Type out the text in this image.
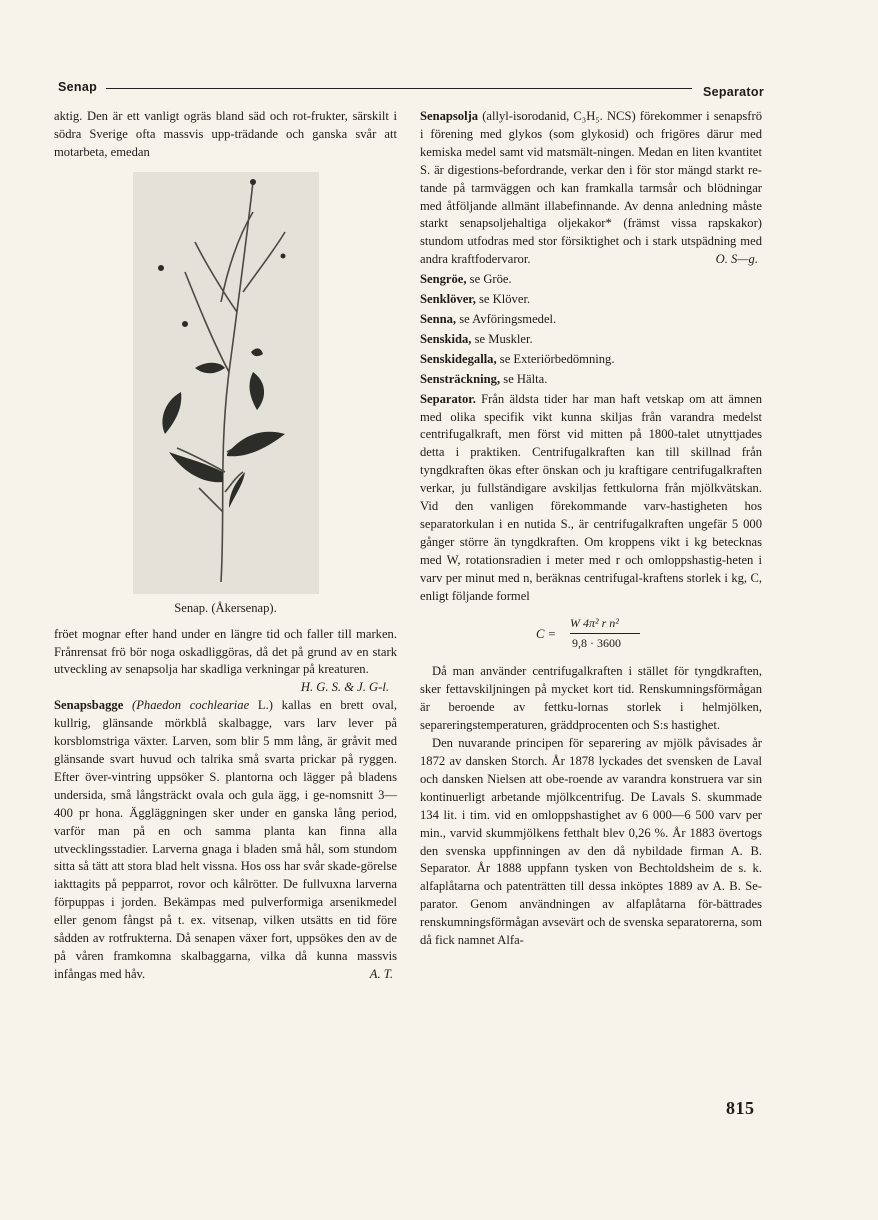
Senap	Separator

aktig. Den är ett vanligt ogräs bland säd och rot-frukter, särskilt i södra Sverige ofta massvis upp-trädande och ganska svår att motarbeta, emedan

Senap. (Åkersenap).

fröet mognar efter hand under en längre tid och faller till marken. Frånrensat frö bör noga oskadliggöras, då det på grund av en stark utveckling av senapsolja har skadliga verkningar på kreaturen.

H. G. S. & J. G-l.

Senapsbagge (Phaedon cochleariae L.) kallas en brett oval, kullrig, glänsande mörkblå skalbagge, vars larv lever på korsblomstriga växter. Larven, som blir 5 mm lång, är gråvit med glänsande svart huvud och talrika små svarta prickar på ryggen. Efter över-vintring uppsöker S. plantorna och lägger på bladens undersida, små långsträckt ovala och gula ägg, i ge-nomsnitt 3—400 pr hona. Äggläggningen sker under en ganska lång period, varför man på en och samma planta kan finna alla utvecklingsstadier. Larverna gnaga i bladen små hål, som stundom sitta så tätt att stora blad helt vissna. Hos oss har svår skade-görelse iakttagits på pepparrot, rovor och kålrötter. De fullvuxna larverna förpuppas i jorden. Bekämpas med pulverformiga arsenikmedel eller genom fångst på t. ex. vitsenap, vilken utsätts en tid före sådden av rotfrukterna. Då senapen växer fort, uppsökes den av de på våren framkomna skalbaggarna, vilka då kunna massvis infångas med håv.	A. T.

Senapsolja (allyl-isorodanid, C₃H₅. NCS) förekommer i senapsfrö i förening med glykos (som glykosid) och frigöres därur med kemiska medel samt vid matsmält-ningen. Medan en liten kvantitet S. är digestions-befordrande, verkar den i för stor mängd starkt re-tande på tarmväggen och kan framkalla tarmsår och blödningar med åtföljande allmänt illabefinnande. Av denna anledning måste starkt senapsoljehaltiga oljekakor* (främst vissa rapskakor) stundom utfodras med stor försiktighet och i stark utspädning med andra kraftfodervaror.	O. S—g.

Sengröe, se Gröe.

Senklöver, se Klöver.

Senna, se Avföringsmedel.

Senskida, se Muskler.

Senskidegalla, se Exteriörbedömning.

Sensträckning, se Hälta.

Separator. Från äldsta tider har man haft vetskap om att ämnen med olika specifik vikt kunna skiljas från varandra medelst centrifugalkraft, men först vid mitten på 1800-talet utnyttjades detta i praktiken. Centrifugalkraften kan till skillnad från tyngdkraften ökas efter önskan och ju kraftigare centrifugalkraften verkar, ju fullständigare avskiljas fettkulorna från mjölkvätskan. Vid den vanligen förekommande varv-hastigheten hos separatorkulan i en nutida S., är centrifugalkraften ungefär 5 000 gånger större än tyngdkraften. Om kroppens vikt i kg betecknas med W, rotationsradien i meter med r och omloppshastig-heten i varv per minut med n, beräknas centrifugal-kraftens storlek i kg, C, enligt följande formel

C =
W 4π² r n²
9,8 · 3600

Då man använder centrifugalkraften i stället för tyngdkraften, sker fettavskiljningen på mycket kort tid. Renskumningsförmågan är beroende av fettku-lornas storlek i helmjölken, separeringstemperaturen, gräddprocenten och S:s hastighet.

Den nuvarande principen för separering av mjölk påvisades år 1872 av dansken Storch. År 1878 lyckades det svensken de Laval och dansken Nielsen att obe-roende av varandra konstruera var sin kontinuerligt arbetande mjölkcentrifug. De Lavals S. skummade 134 lit. i tim. vid en omloppshastighet av 6 000—6 500 varv per min., varvid skummjölkens fetthalt blev 0,26 %. År 1883 övertogs den svenska uppfinningen av den då nybildade firman A. B. Separator. År 1888 uppfann tysken von Bechtoldsheim de s. k. alfaplåtarna och patenträtten till dessa inköptes 1889 av A. B. Se-parator. Genom användningen av alfaplåtarna för-bättrades renskumningsförmågan avsevärt och de svenska separatorerna, som då fick namnet Alfa-

815
